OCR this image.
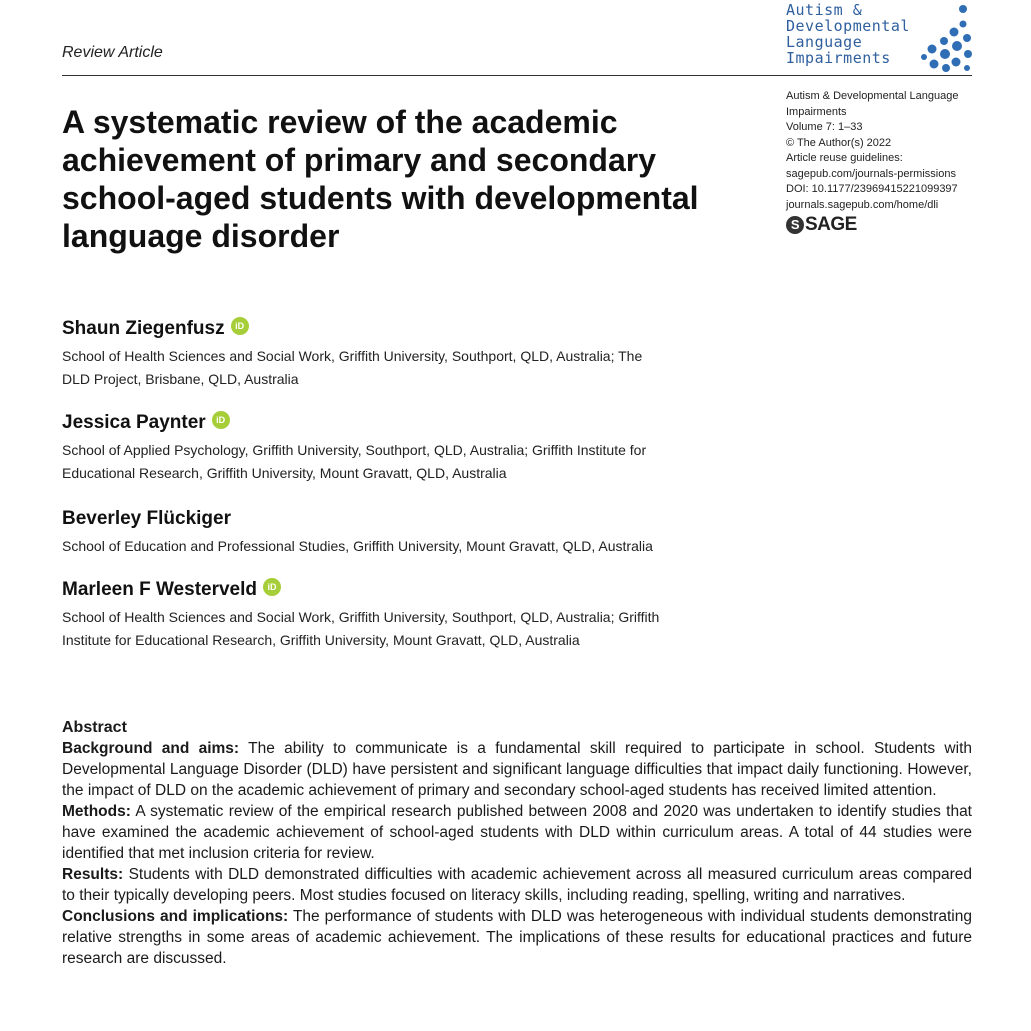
Review Article
Autism &
Developmental
Language
Impairments
A systematic review of the academic achievement of primary and secondary school-aged students with developmental language disorder
Autism & Developmental Language
Impairments
Volume 7: 1–33
© The Author(s) 2022
Article reuse guidelines:
sagepub.com/journals-permissions
DOI: 10.1177/23969415221099397
journals.sagepub.com/home/dli
S SAGE
Shaun Ziegenfusz	iD
School of Health Sciences and Social Work, Griffith University, Southport, QLD, Australia; The
DLD Project, Brisbane, QLD, Australia
Jessica Paynter	iD
School of Applied Psychology, Griffith University, Southport, QLD, Australia; Griffith Institute for
Educational Research, Griffith University, Mount Gravatt, QLD, Australia
Beverley Flückiger
School of Education and Professional Studies, Griffith University, Mount Gravatt, QLD, Australia
Marleen F Westerveld	iD
School of Health Sciences and Social Work, Griffith University, Southport, QLD, Australia; Griffith
Institute for Educational Research, Griffith University, Mount Gravatt, QLD, Australia
Abstract

Background and aims: The ability to communicate is a fundamental skill required to participate in school. Students with Developmental Language Disorder (DLD) have persistent and significant language difficulties that impact daily functioning. However, the impact of DLD on the academic achievement of primary and secondary school-aged students has received limited attention.

Methods: A systematic review of the empirical research published between 2008 and 2020 was undertaken to identify studies that have examined the academic achievement of school-aged students with DLD within curriculum areas. A total of 44 studies were identified that met inclusion criteria for review.

Results: Students with DLD demonstrated difficulties with academic achievement across all measured curriculum areas compared to their typically developing peers. Most studies focused on literacy skills, including reading, spelling, writing and narratives.

Conclusions and implications: The performance of students with DLD was heterogeneous with individual students demonstrating relative strengths in some areas of academic achievement. The implications of these results for educational practices and future research are discussed.
